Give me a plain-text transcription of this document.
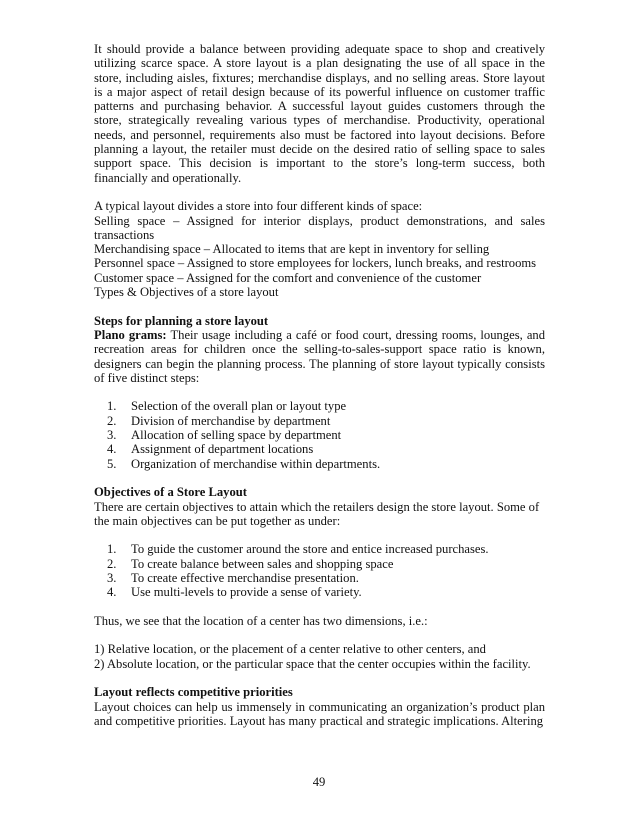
It should provide a balance between providing adequate space to shop and creatively utilizing scarce space. A store layout is a plan designating the use of all space in the store, including aisles, fixtures; merchandise displays, and no selling areas. Store layout is a major aspect of retail design because of its powerful influence on customer traffic patterns and purchasing behavior. A successful layout guides customers through the store, strategically revealing various types of merchandise. Productivity, operational needs, and personnel, requirements also must be factored into layout decisions. Before planning a layout, the retailer must decide on the desired ratio of selling space to sales support space. This decision is important to the store’s long-term success, both financially and operationally.

A typical layout divides a store into four different kinds of space:

Selling space – Assigned for interior displays, product demonstrations, and sales transactions

Merchandising space – Allocated to items that are kept in inventory for selling

Personnel space – Assigned to store employees for lockers, lunch breaks, and restrooms

Customer space – Assigned for the comfort and convenience of the customer

Types & Objectives of a store layout

Steps for planning a store layout

Plano grams: Their usage including a café or food court, dressing rooms, lounges, and recreation areas for children once the selling-to-sales-support space ratio is known, designers can begin the planning process. The planning of store layout typically consists of five distinct steps:

1. Selection of the overall plan or layout type
2. Division of merchandise by department
3. Allocation of selling space by department
4. Assignment of department locations
5. Organization of merchandise within departments.

Objectives of a Store Layout

There are certain objectives to attain which the retailers design the store layout. Some of the main objectives can be put together as under:

1. To guide the customer around the store and entice increased purchases.
2. To create balance between sales and shopping space
3. To create effective merchandise presentation.
4. Use multi-levels to provide a sense of variety.

Thus, we see that the location of a center has two dimensions, i.e.:

1) Relative location, or the placement of a center relative to other centers, and

2) Absolute location, or the particular space that the center occupies within the facility.

Layout reflects competitive priorities

Layout choices can help us immensely in communicating an organization’s product plan and competitive priorities. Layout has many practical and strategic implications. Altering

49
